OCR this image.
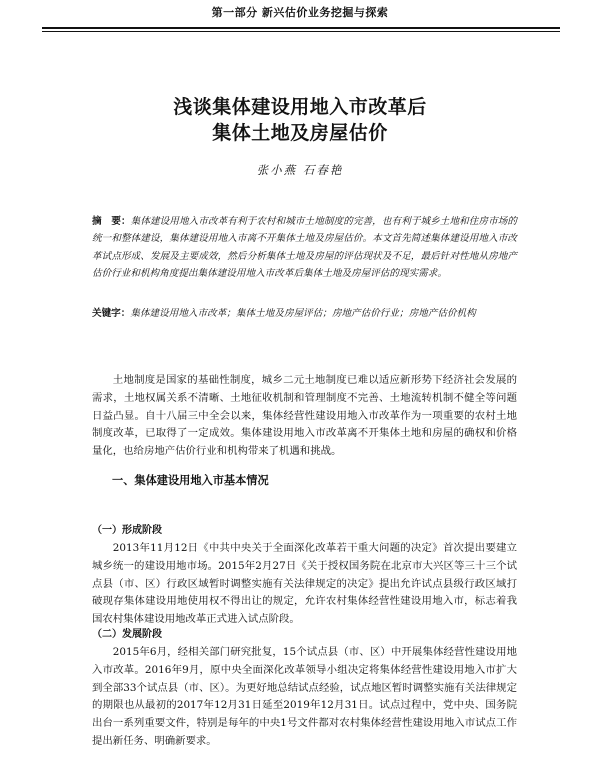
第一部分 新兴估价业务挖掘与探索
浅谈集体建设用地入市改革后
集体土地及房屋估价
张小燕 石春艳
摘　要：集体建设用地入市改革有利于农村和城市土地制度的完善，也有利于城乡土地和住房市场的统一和整体建设，集体建设用地入市离不开集体土地及房屋估价。本文首先简述集体建设用地入市改革试点形成、发展及主要成效，然后分析集体土地及房屋的评估现状及不足，最后针对性地从房地产估价行业和机构角度提出集体建设用地入市改革后集体土地及房屋评估的现实需求。
关键字：集体建设用地入市改革；集体土地及房屋评估；房地产估价行业；房地产估价机构
土地制度是国家的基础性制度，城乡二元土地制度已难以适应新形势下经济社会发展的需求，土地权属关系不清晰、土地征收机制和管理制度不完善、土地流转机制不健全等问题日益凸显。自十八届三中全会以来，集体经营性建设用地入市改革作为一项重要的农村土地制度改革，已取得了一定成效。集体建设用地入市改革离不开集体土地和房屋的确权和价格量化，也给房地产估价行业和机构带来了机遇和挑战。
一、集体建设用地入市基本情况
（一）形成阶段
2013年11月12日《中共中央关于全面深化改革若干重大问题的决定》首次提出要建立城乡统一的建设用地市场。2015年2月27日《关于授权国务院在北京市大兴区等三十三个试点县（市、区）行政区域暂时调整实施有关法律规定的决定》提出允许试点县级行政区域打破现存集体建设用地使用权不得出让的规定，允许农村集体经营性建设用地入市，标志着我国农村集体建设用地改革正式进入试点阶段。
（二）发展阶段
2015年6月，经相关部门研究批复，15个试点县（市、区）中开展集体经营性建设用地入市改革。2016年9月，原中央全面深化改革领导小组决定将集体经营性建设用地入市扩大到全部33个试点县（市、区）。为更好地总结试点经验，试点地区暂时调整实施有关法律规定的期限也从最初的2017年12月31日延至2019年12月31日。试点过程中，党中央、国务院出台一系列重要文件，特别是每年的中央1号文件都对农村集体经营性建设用地入市试点工作提出新任务、明确新要求。
